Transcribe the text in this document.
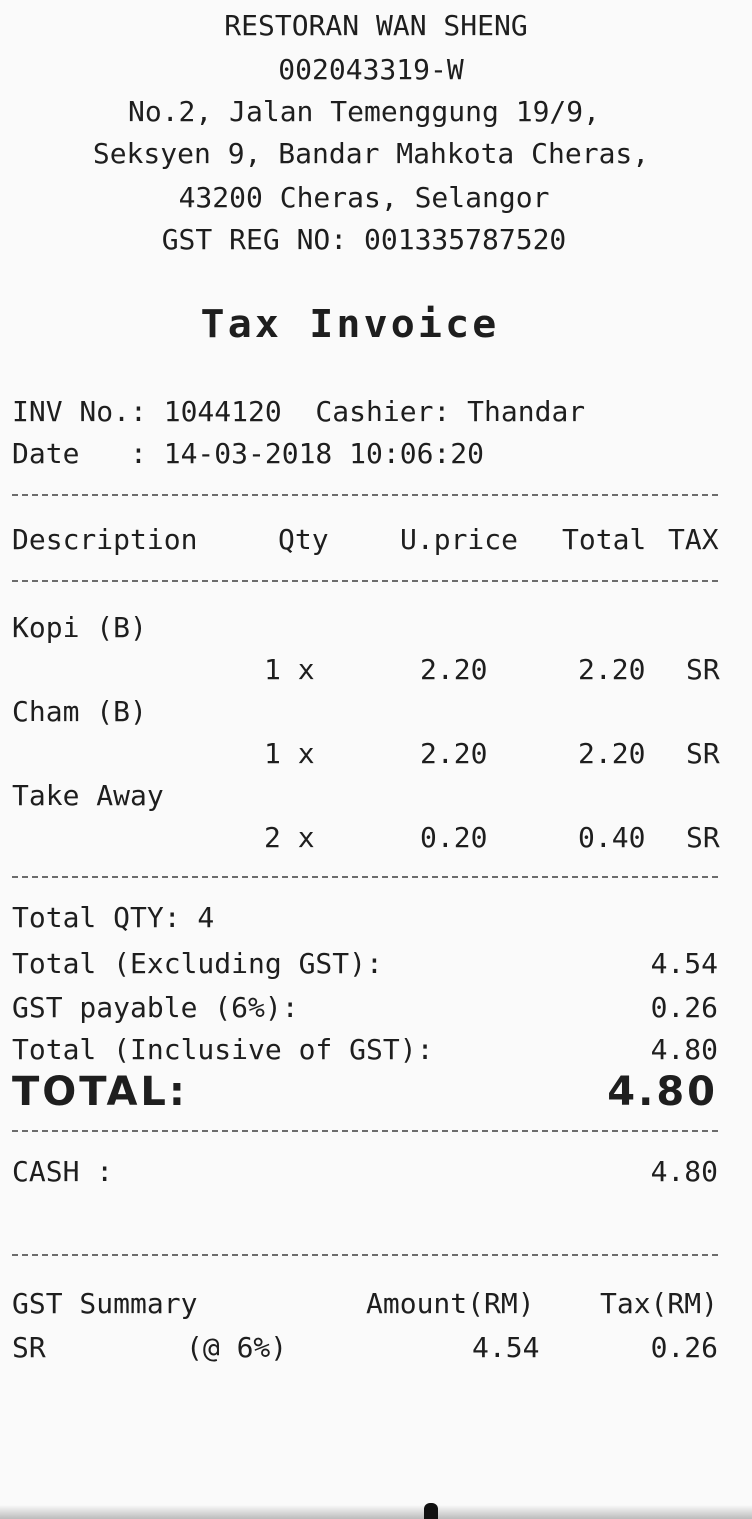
RESTORAN WAN SHENG
002043319-W
No.2, Jalan Temenggung 19/9,
Seksyen 9, Bandar Mahkota Cheras,
43200 Cheras, Selangor
GST REG NO: 001335787520
Tax Invoice
INV No.: 1044120  Cashier: Thandar
Date   : 14-03-2018 10:06:20
Description	Qty	U.price Total TAX
Kopi (B)
1 x	2.20	2.20 SR
Cham (B)
1 x	2.20	2.20 SR
Take Away
2 x	0.20	0.40 SR
Total QTY: 4
Total (Excluding GST):	4.54
GST payable (6%):	0.26
Total (Inclusive of GST):	4.80
TOTAL:	4.80
CASH :	4.80
GST Summary	Amount(RM) Tax(RM)
SR	(@ 6%)	4.54	0.26
